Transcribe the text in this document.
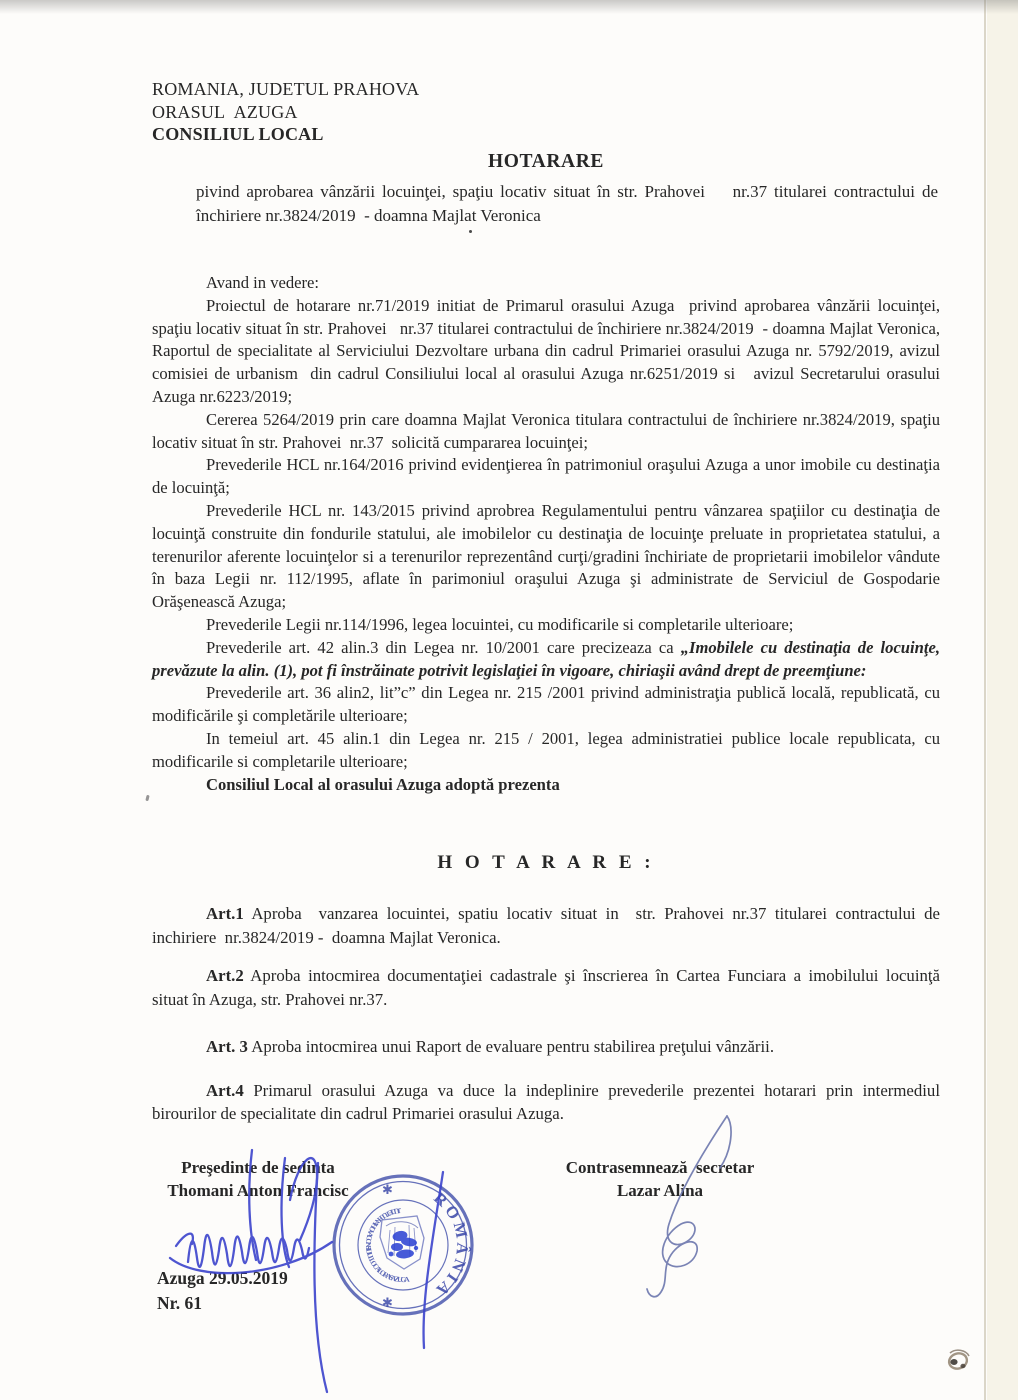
ROMANIA, JUDETUL PRAHOVA
ORASUL  AZUGA
CONSILIUL LOCAL
HOTARARE

pivind aprobarea vânzării locuinţei, spaţiu locativ situat în str. Prahovei    nr.37 titularei contractului de închiriere nr.3824/2019  - doamna Majlat Veronica

Avand in vedere:

Proiectul de hotarare nr.71/2019 initiat de Primarul orasului Azuga  privind aprobarea vânzării locuinţei, spaţiu locativ situat în str. Prahovei   nr.37 titularei contractului de închiriere nr.3824/2019  - doamna Majlat Veronica, Raportul de specialitate al Serviciului Dezvoltare urbana din cadrul Primariei orasului Azuga nr. 5792/2019, avizul comisiei de urbanism  din cadrul Consiliului local al orasului Azuga nr.6251/2019 si   avizul Secretarului orasului Azuga nr.6223/2019;

Cererea 5264/2019 prin care doamna Majlat Veronica titulara contractului de închiriere nr.3824/2019, spaţiu locativ situat în str. Prahovei  nr.37  solicită cumpararea locuinţei;

Prevederile HCL nr.164/2016 privind evidenţierea în patrimoniul oraşului Azuga a unor imobile cu destinaţia de locuinţă;

Prevederile HCL nr. 143/2015 privind aprobrea Regulamentului pentru vânzarea spaţiilor cu destinaţia de locuinţă construite din fondurile statului, ale imobilelor cu destinaţia de locuinţe preluate in proprietatea statului, a terenurilor aferente locuinţelor si a terenurilor reprezentând curţi/gradini închiriate de proprietarii imobilelor vândute în baza Legii nr. 112/1995, aflate în parimoniul oraşului Azuga şi administrate de Serviciul de Gospodarie Orăşenească Azuga;

Prevederile Legii nr.114/1996, legea locuintei, cu modificarile si completarile ulterioare;

Prevederile art. 42 alin.3 din Legea nr. 10/2001 care precizeaza ca „Imobilele cu destinaţia de locuinţe, prevăzute la alin. (1), pot fi înstrăinate potrivit legislaţiei în vigoare, chiriaşii având drept de preemţiune:

Prevederile art. 36 alin2, lit”c” din Legea nr. 215 /2001 privind administraţia publică locală, republicată, cu modificările şi completările ulterioare;

In temeiul art. 45 alin.1 din Legea nr. 215 / 2001, legea administratiei publice locale republicata, cu modificarile si completarile ulterioare;

Consiliul Local al orasului Azuga adoptă prezenta

H O T A R A R E :

Art.1 Aproba  vanzarea locuintei, spatiu locativ situat in  str. Prahovei nr.37 titularei contractului de inchiriere  nr.3824/2019 -  doamna Majlat Veronica.

Art.2 Aproba intocmirea documentaţiei cadastrale şi înscrierea în Cartea Funciara a imobilului locuinţă situat în Azuga, str. Prahovei nr.37.

Art. 3 Aproba intocmirea unui Raport de evaluare pentru stabilirea preţului vânzării.

Art.4 Primarul orasului Azuga va duce la indeplinire prevederile prezentei hotarari prin intermediul birourilor de specialitate din cadrul Primariei orasului Azuga.

Preşedinte de sedinta
Thomani Anton Francisc
Contrasemnează  secretar
Lazar Alina
Azuga 29.05.2019
Nr. 61
ROMÂNIA
✱
✱
JUDETUL PRAHOVA CONSILIUL LOCAL ORAS AZUGA
